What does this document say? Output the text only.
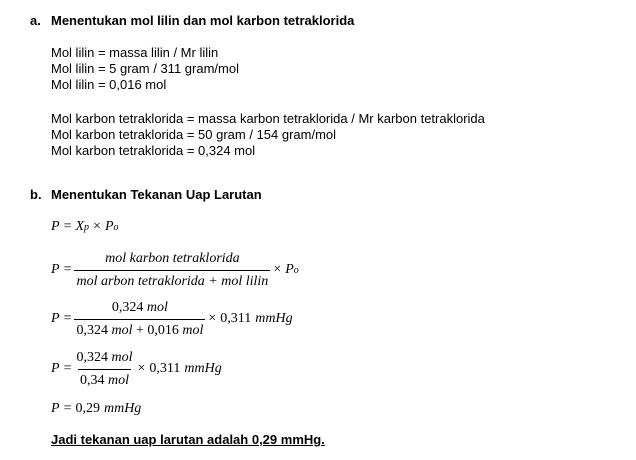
a. Menentukan mol lilin dan mol karbon tetraklorida
Mol lilin = massa lilin / Mr lilin
Mol lilin = 5 gram / 311 gram/mol
Mol lilin = 0,016 mol
Mol karbon tetraklorida = massa karbon tetraklorida / Mr karbon tetraklorida
Mol karbon tetraklorida = 50 gram / 154 gram/mol
Mol karbon tetraklorida = 0,324 mol
b. Menentukan Tekanan Uap Larutan
P = X p × P o
$P = \frac{\text{mol karbon tetraklorida}}{\text{mol arbon tetraklorida + mol lilin}} \times P$ o
$P = \frac{\text{0,324 mol}}{\text{0,324 mol + 0,016 mol}} \times 0,311$ mmHg
$P = \frac{\text{0,324 mol}}{\text{0,34 mol}} \times 0,311$ mmHg
P = 0,29 mmHg
Jadi tekanan uap larutan adalah 0,29 mmHg.
